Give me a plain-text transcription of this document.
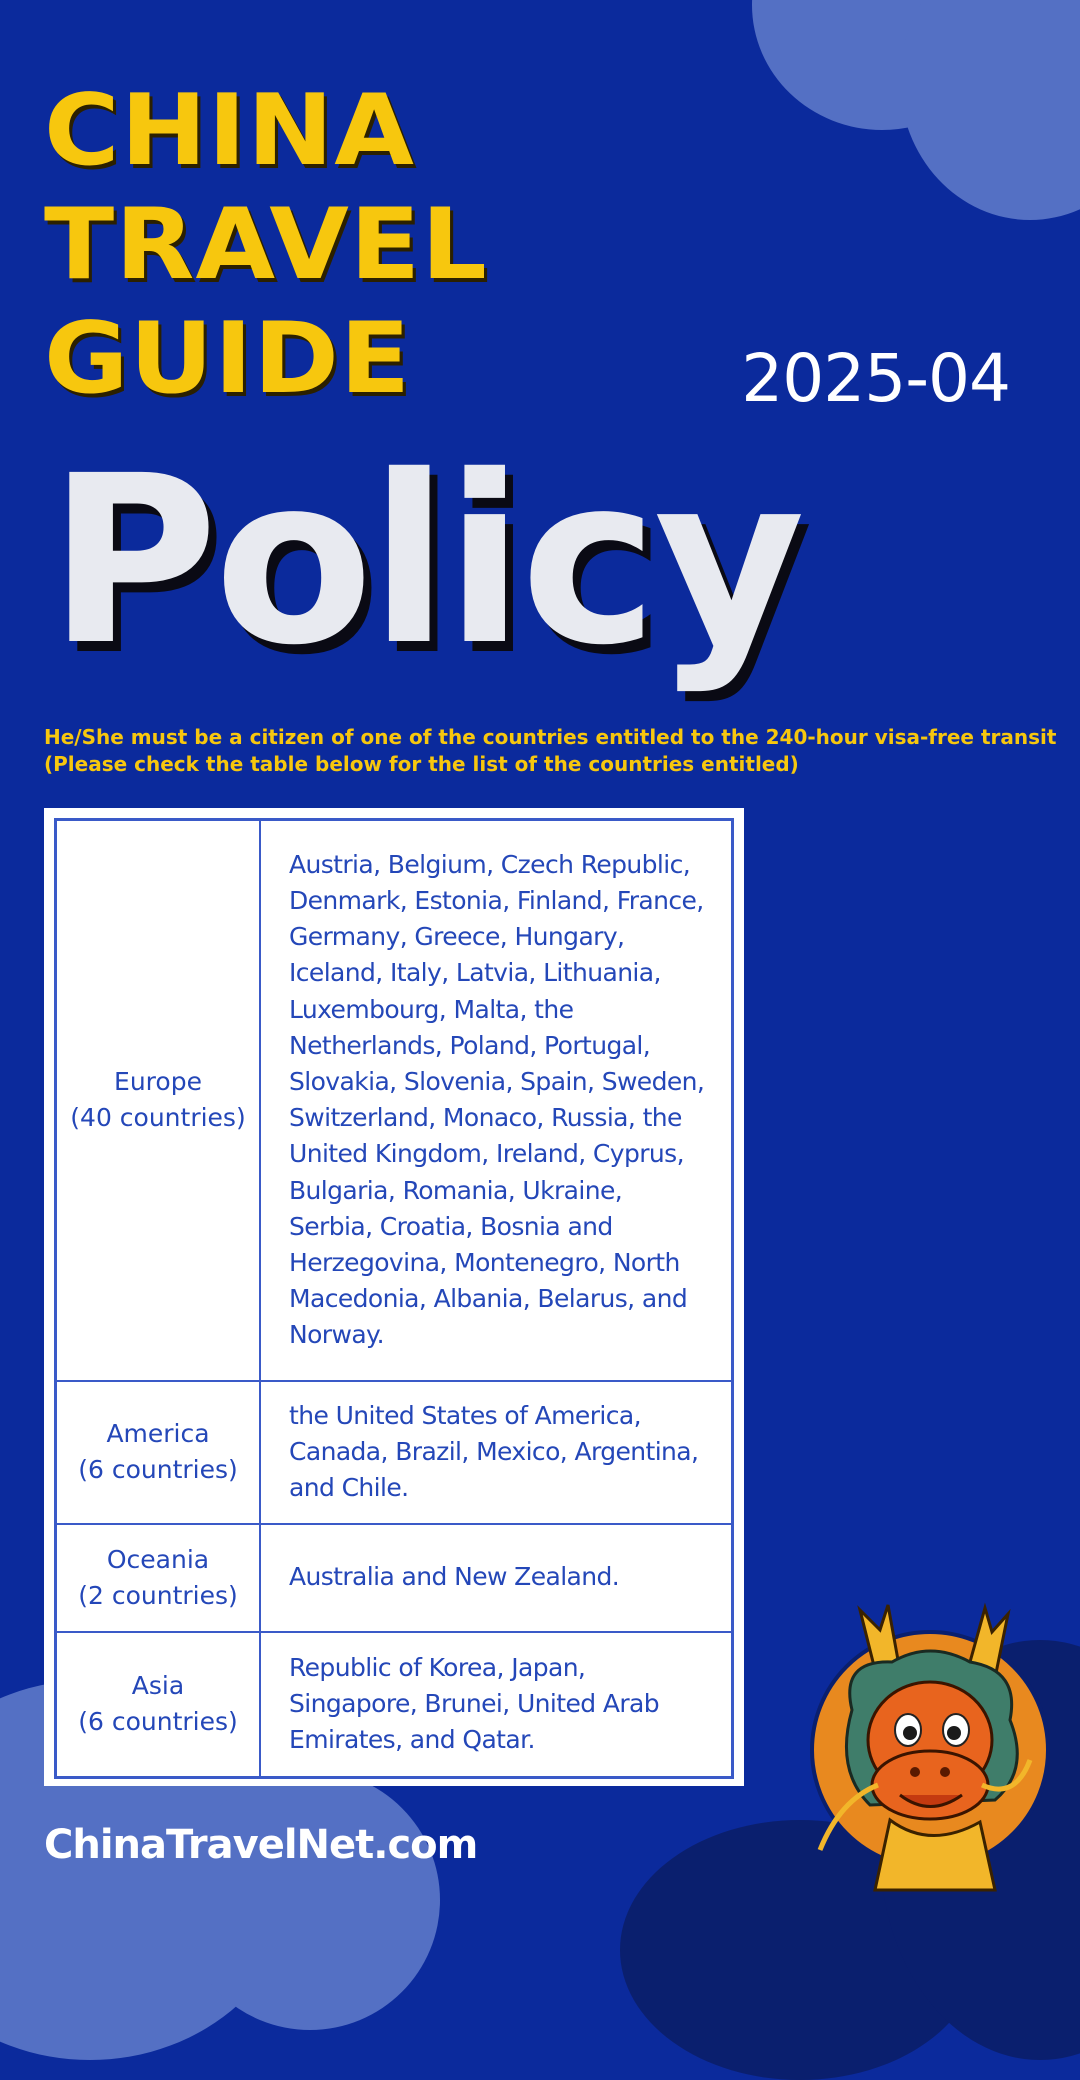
CHINA
TRAVEL
GUIDE	2025-04
Policy
He/She must be a citizen of one of the countries entitled to the 240-hour visa-free transit
(Please check the table below for the list of the countries entitled)
Europe
(40 countries)	Austria, Belgium, Czech Republic, Denmark, Estonia, Finland, France, Germany, Greece, Hungary, Iceland, Italy, Latvia, Lithuania, Luxembourg, Malta, the Netherlands, Poland, Portugal, Slovakia, Slovenia, Spain, Sweden, Switzerland, Monaco, Russia, the United Kingdom, Ireland, Cyprus, Bulgaria, Romania, Ukraine, Serbia, Croatia, Bosnia and Herzegovina, Montenegro, North Macedonia, Albania, Belarus, and Norway.

America
(6 countries)	the United States of America, Canada, Brazil, Mexico, Argentina, and Chile.

Oceania
(2 countries)	Australia and New Zealand.

Asia
(6 countries)	Republic of Korea, Japan, Singapore, Brunei, United Arab Emirates, and Qatar.
ChinaTravelNet.com
